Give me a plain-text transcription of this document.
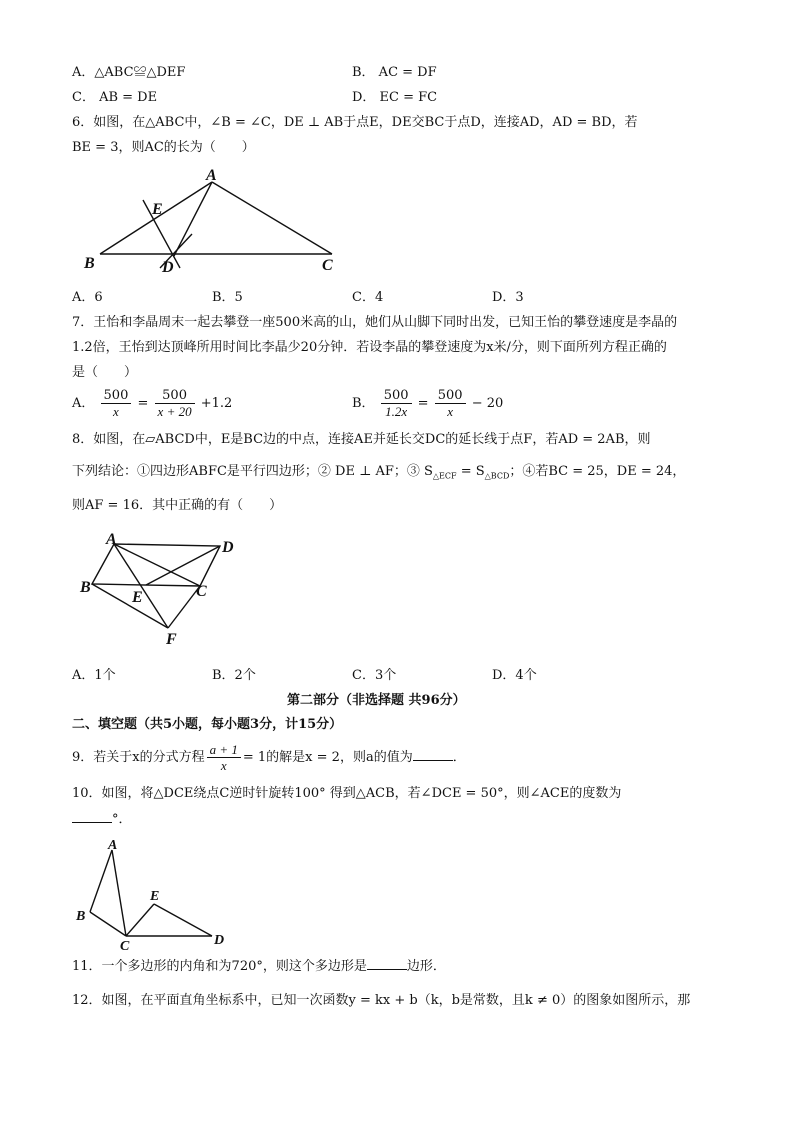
A．△ABC≌△DEF	B． AC = DF
C． AB = DE	D． EC = FC
6．如图，在△ABC中，∠B = ∠C，DE ⊥ AB于点E，DE交BC于点D，连接AD，AD = BD，若
BE = 3，则AC的长为（　　）
A
E
B	D	C
A．6	B．5	C．4	D．3
7．王怡和李晶周末一起去攀登一座500米高的山，她们从山脚下同时出发，已知王怡的攀登速度是李晶的
1.2倍，王怡到达顶峰所用时间比李晶少20分钟．若设李晶的攀登速度为x米/分，则下面所列方程正确的
是（　　）
A． $\frac{500}{x} = \frac{500}{x + 20} +1.2$	B． $\frac{500}{1.2x} = \frac{500}{x} - 20$
8．如图，在▱ABCD中，E是BC边的中点，连接AE并延长交DC的延长线于点F，若AD = 2AB，则
下列结论：①四边形ABFC是平行四边形；② DE ⊥ AF；③ $S_{\triangle ECF} = S_{\triangle BCD}$；④若BC = 25，DE = 24，
则AF = 16．其中正确的有（　　）
A	D
B
E	C
F
A．1个	B．2个	C．3个	D．4个
第二部分（非选择题 共96分）
二、填空题（共5小题，每小题3分，计15分）
9．若关于x的分式方程 $\frac{a + 1}{x} = 1$的解是x = 2，则a的值为	．
10．如图，将△DCE绕点C逆时针旋转100° 得到△ACB，若∠DCE = 50°，则∠ACE的度数为
°．
A
B
E
C	D
11．一个多边形的内角和为720°，则这个多边形是	边形．
12．如图，在平面直角坐标系中，已知一次函数y = kx + b（k，b是常数，且k ≠ 0）的图象如图所示，那
